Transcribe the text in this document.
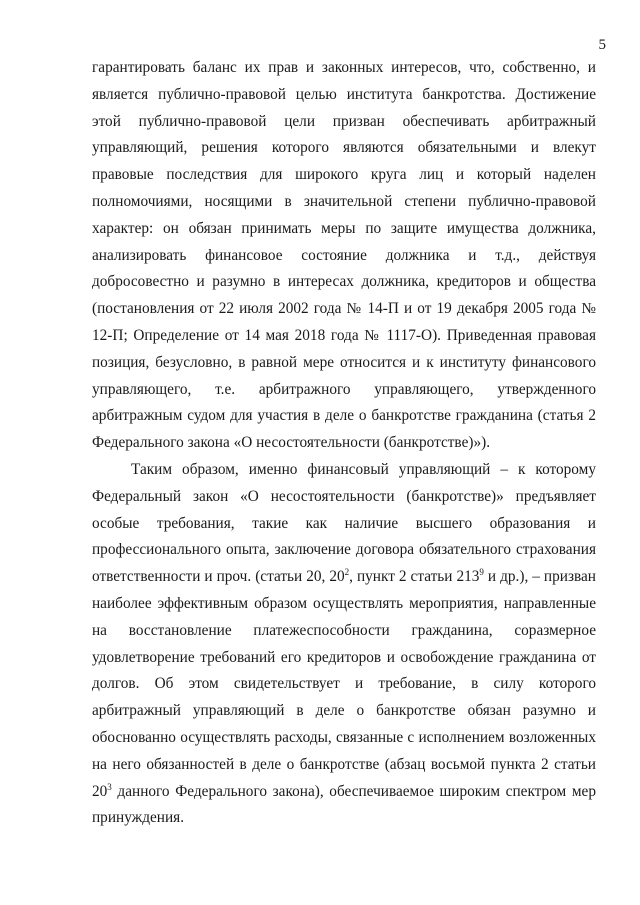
5

гарантировать баланс их прав и законных интересов, что, собственно, и является публично-правовой целью института банкротства. Достижение этой публично-правовой цели призван обеспечивать арбитражный управляющий, решения которого являются обязательными и влекут правовые последствия для широкого круга лиц и который наделен полномочиями, носящими в значительной степени публично-правовой характер: он обязан принимать меры по защите имущества должника, анализировать финансовое состояние должника и т.д., действуя добросовестно и разумно в интересах должника, кредиторов и общества (постановления от 22 июля 2002 года № 14-П и от 19 декабря 2005 года № 12-П; Определение от 14 мая 2018 года № 1117-О). Приведенная правовая позиция, безусловно, в равной мере относится и к институту финансового управляющего, т.е. арбитражного управляющего, утвержденного арбитражным судом для участия в деле о банкротстве гражданина (статья 2 Федерального закона «О несостоятельности (банкротстве)»).

Таким образом, именно финансовый управляющий – к которому Федеральный закон «О несостоятельности (банкротстве)» предъявляет особые требования, такие как наличие высшего образования и профессионального опыта, заключение договора обязательного страхования ответственности и проч. (статьи 20, $20^2$, пункт 2 статьи $213^9$ и др.), – призван наиболее эффективным образом осуществлять мероприятия, направленные на восстановление платежеспособности гражданина, соразмерное удовлетворение требований его кредиторов и освобождение гражданина от долгов. Об этом свидетельствует и требование, в силу которого арбитражный управляющий в деле о банкротстве обязан разумно и обоснованно осуществлять расходы, связанные с исполнением возложенных на него обязанностей в деле о банкротстве (абзац восьмой пункта 2 статьи $20^3$ данного Федерального закона), обеспечиваемое широким спектром мер принуждения.
